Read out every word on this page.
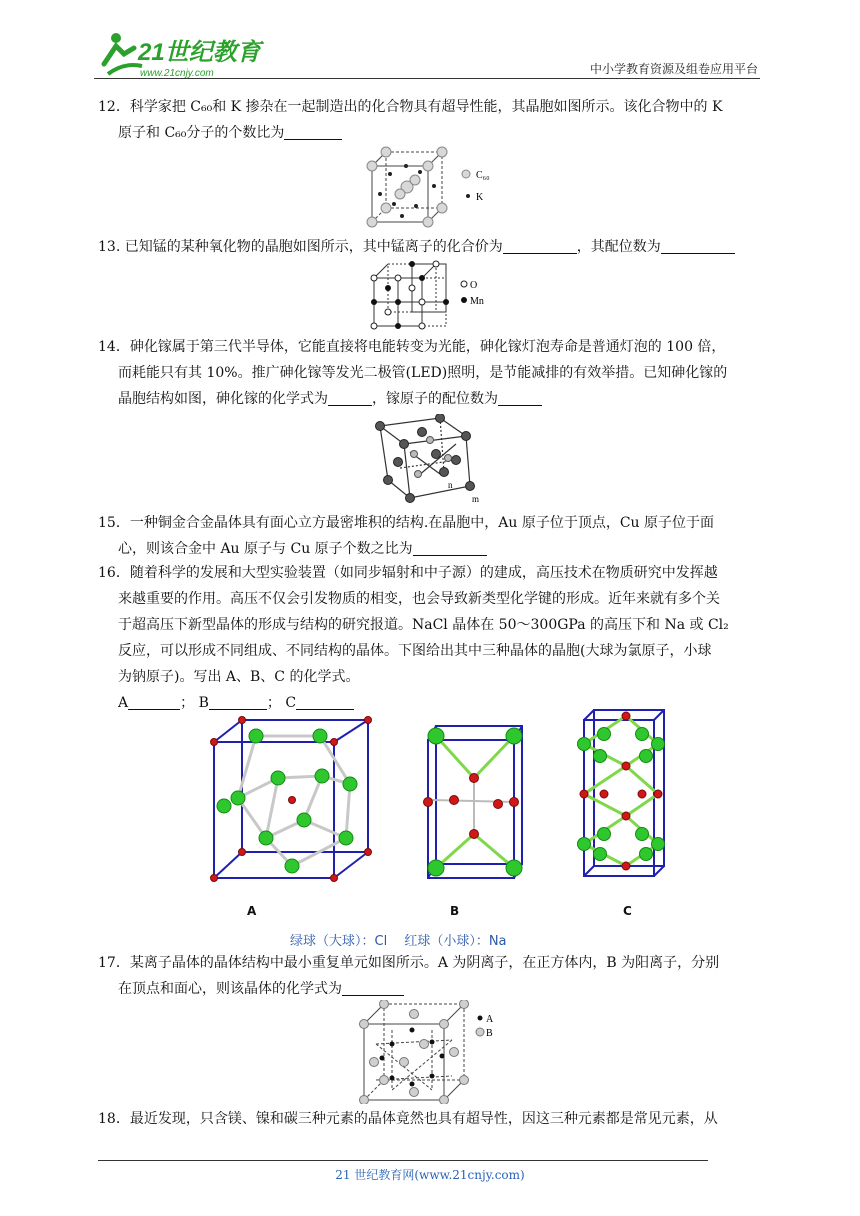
21世纪教育
www.21cnjy.com	中小学教育资源及组卷应用平台
12．科学家把 C₆₀和 K 掺杂在一起制造出的化合物具有超导性能，其晶胞如图所示。该化合物中的 K
原子和 C₆₀分子的个数比为
C₆₀
K
13. 已知锰的某种氧化物的晶胞如图所示，其中锰离子的化合价为	，其配位数为
O
Mn
14．砷化镓属于第三代半导体，它能直接将电能转变为光能，砷化镓灯泡寿命是普通灯泡的 100 倍，
而耗能只有其 10%。推广砷化镓等发光二极管(LED)照明，是节能减排的有效举措。已知砷化镓的
晶胞结构如图，砷化镓的化学式为	，镓原子的配位数为
n
m
15．一种铜金合金晶体具有面心立方最密堆积的结构.在晶胞中，Au 原子位于顶点，Cu 原子位于面
心，则该合金中 Au 原子与 Cu 原子个数之比为
16．随着科学的发展和大型实验装置（如同步辐射和中子源）的建成，高压技术在物质研究中发挥越
来越重要的作用。高压不仅会引发物质的相变，也会导致新类型化学键的形成。近年来就有多个关
于超高压下新型晶体的形成与结构的研究报道。NaCl 晶体在 50～300GPa 的高压下和 Na 或 Cl₂
反应，可以形成不同组成、不同结构的晶体。下图给出其中三种晶体的晶胞(大球为氯原子，小球
为钠原子)。写出 A、B、C 的化学式。
A	； B	； C
A	B	C
绿球（大球）：Cl　 红球（小球）：Na
17．某离子晶体的晶体结构中最小重复单元如图所示。A 为阴离子，在正方体内，B 为阳离子，分别
在顶点和面心，则该晶体的化学式为
A
B
18．最近发现，只含镁、镍和碳三种元素的晶体竟然也具有超导性，因这三种元素都是常见元素，从
21 世纪教育网(www.21cnjy.com)
